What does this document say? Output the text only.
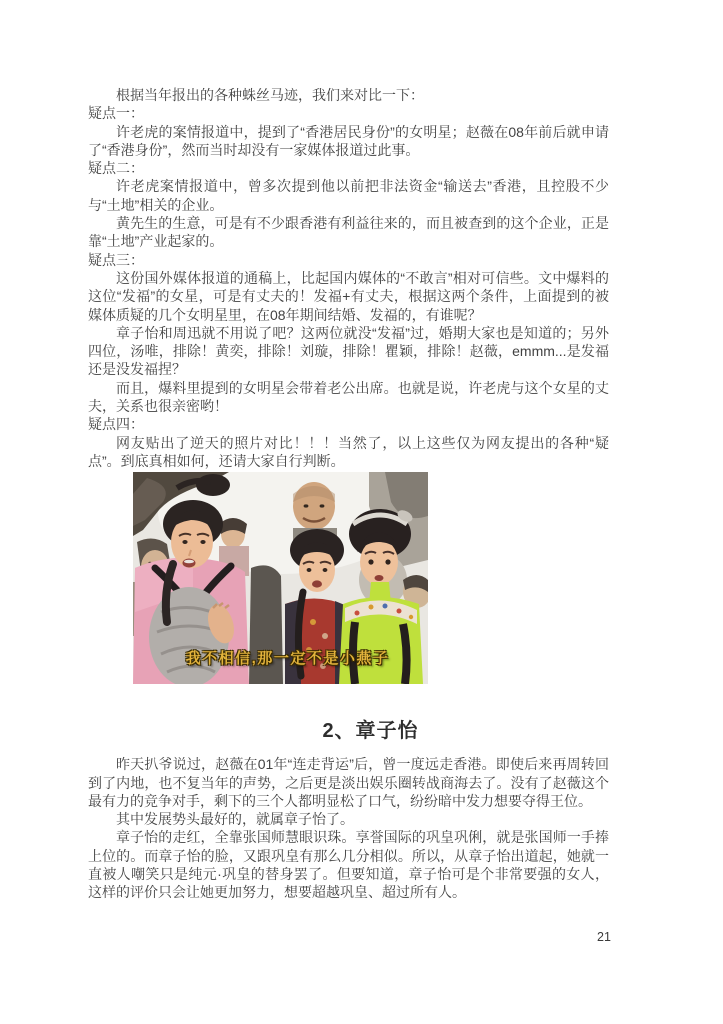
根据当年报出的各种蛛丝马迹，我们来对比一下：

疑点一：

许老虎的案情报道中，提到了“香港居民身份”的女明星；赵薇在08年前后就申请了“香港身份”，然而当时却没有一家媒体报道过此事。

疑点二：

许老虎案情报道中，曾多次提到他以前把非法资金“输送去”香港，且控股不少与“土地”相关的企业。

黄先生的生意，可是有不少跟香港有利益往来的，而且被查到的这个企业，正是靠“土地”产业起家的。

疑点三：

这份国外媒体报道的通稿上，比起国内媒体的“不敢言”相对可信些。文中爆料的这位“发福”的女星，可是有丈夫的！发福+有丈夫，根据这两个条件，上面提到的被媒体质疑的几个女明星里，在08年期间结婚、发福的，有谁呢？

章子怡和周迅就不用说了吧？这两位就没“发福”过，婚期大家也是知道的；另外四位，汤唯，排除！黄奕，排除！刘璇，排除！瞿颖，排除！赵薇，emmm...是发福还是没发福捏？

而且，爆料里提到的女明星会带着老公出席。也就是说，许老虎与这个女星的丈夫，关系也很亲密哟！

疑点四：

网友贴出了逆天的照片对比！！！当然了，以上这些仅为网友提出的各种“疑点”。到底真相如何，还请大家自行判断。

我不相信,那一定不是小燕子
2、章子怡

昨天扒爷说过，赵薇在01年“连走背运”后，曾一度远走香港。即使后来再周转回到了内地，也不复当年的声势，之后更是淡出娱乐圈转战商海去了。没有了赵薇这个最有力的竞争对手，剩下的三个人都明显松了口气，纷纷暗中发力想要夺得王位。

其中发展势头最好的，就属章子怡了。

章子怡的走红，全靠张国师慧眼识珠。享誉国际的巩皇巩俐，就是张国师一手捧上位的。而章子怡的脸，又跟巩皇有那么几分相似。所以，从章子怡出道起，她就一直被人嘲笑只是纯元·巩皇的替身罢了。但要知道，章子怡可是个非常要强的女人，这样的评价只会让她更加努力，想要超越巩皇、超过所有人。

21
